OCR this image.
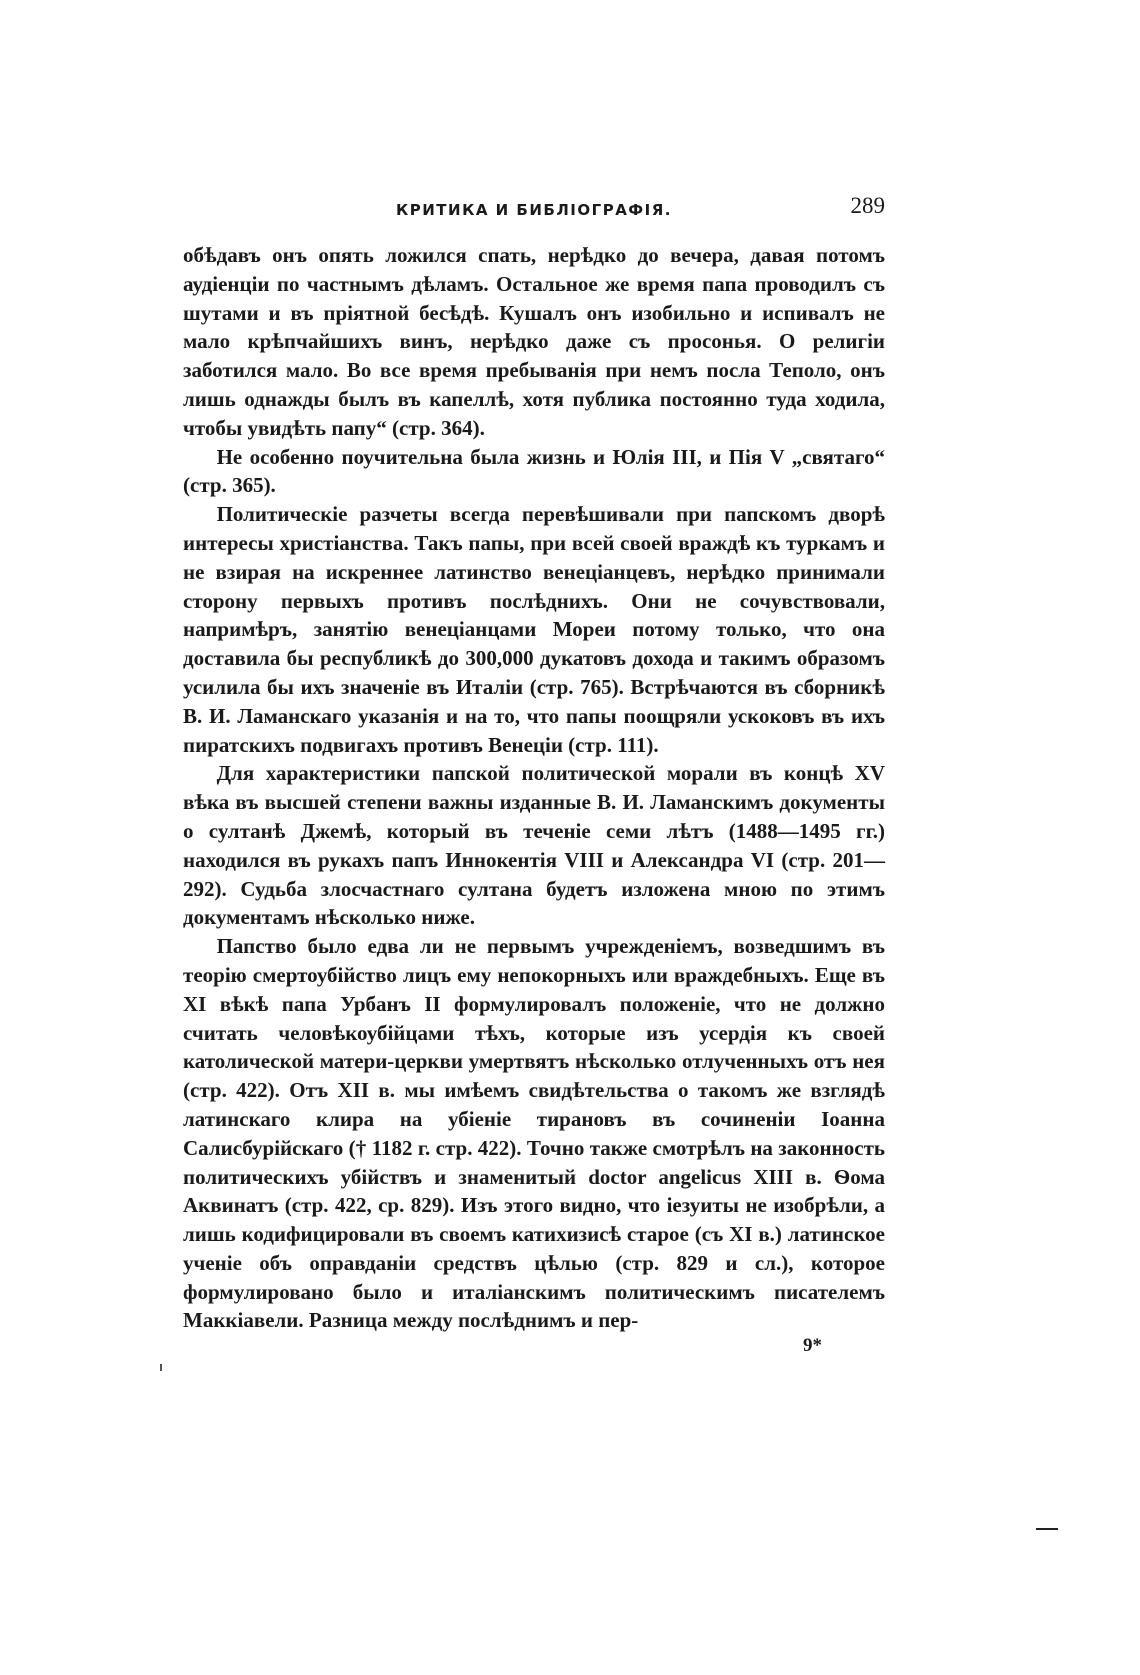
КРИТИКА И БИБЛІОГРАФІЯ.	289

обѣдавъ онъ опять ложился спать, нерѣдко до вечера, давая потомъ аудіенціи по частнымъ дѣламъ. Остальное же время папа проводилъ съ шутами и въ пріятной бесѣдѣ. Кушалъ онъ изобильно и испивалъ не мало крѣпчайшихъ винъ, нерѣдко даже съ просонья. О религіи заботился мало. Во все время пребыванія при немъ посла Теполо, онъ лишь однажды былъ въ капеллѣ, хотя публика постоянно туда ходила, чтобы увидѣть папу“ (стр. 364).

Не особенно поучительна была жизнь и Юлія III, и Пія V „святаго“ (стр. 365).

Политическіе разчеты всегда перевѣшивали при папскомъ дворѣ интересы христіанства. Такъ папы, при всей своей враждѣ къ туркамъ и не взирая на искреннее латинство венеціанцевъ, нерѣдко принимали сторону первыхъ противъ послѣднихъ. Они не сочувствовали, напримѣръ, занятію венеціанцами Мореи потому только, что она доставила бы республикѣ до 300,000 дукатовъ дохода и такимъ образомъ усилила бы ихъ значеніе въ Италіи (стр. 765). Встрѣчаются въ сборникѣ В. И. Ламанскаго указанія и на то, что папы поощряли ускоковъ въ ихъ пиратскихъ подвигахъ противъ Венеціи (стр. 111).

Для характеристики папской политической морали въ концѣ XV вѣка въ высшей степени важны изданные В. И. Ламанскимъ документы о султанѣ Джемѣ, который въ теченіе семи лѣтъ (1488—1495 гг.) находился въ рукахъ папъ Иннокентія VIII и Александра VI (стр. 201—292). Судьба злосчастнаго султана будетъ изложена мною по этимъ документамъ нѣсколько ниже.

Папство было едва ли не первымъ учрежденіемъ, возведшимъ въ теорію смертоубійство лицъ ему непокорныхъ или враждебныхъ. Еще въ XI вѣкѣ папа Урбанъ II формулировалъ положеніе, что не должно считать человѣкоубійцами тѣхъ, которые изъ усердія къ своей католической матери-церкви умертвятъ нѣсколько отлученныхъ отъ нея (стр. 422). Отъ XII в. мы имѣемъ свидѣтельства о такомъ же взглядѣ латинскаго клира на убіеніе тирановъ въ сочиненіи Іоанна Салисбурійскаго († 1182 г. стр. 422). Точно также смотрѣлъ на законность политическихъ убійствъ и знаменитый doctor angelicus XIII в. Ѳома Аквинатъ (стр. 422, ср. 829). Изъ этого видно, что іезуиты не изобрѣли, а лишь кодифицировали въ своемъ катихизисѣ старое (съ XI в.) латинское ученіе объ оправданіи средствъ цѣлью (стр. 829 и сл.), которое формулировано было и италіанскимъ политическимъ писателемъ Маккіавели. Разница между послѣднимъ и пер-

9*
